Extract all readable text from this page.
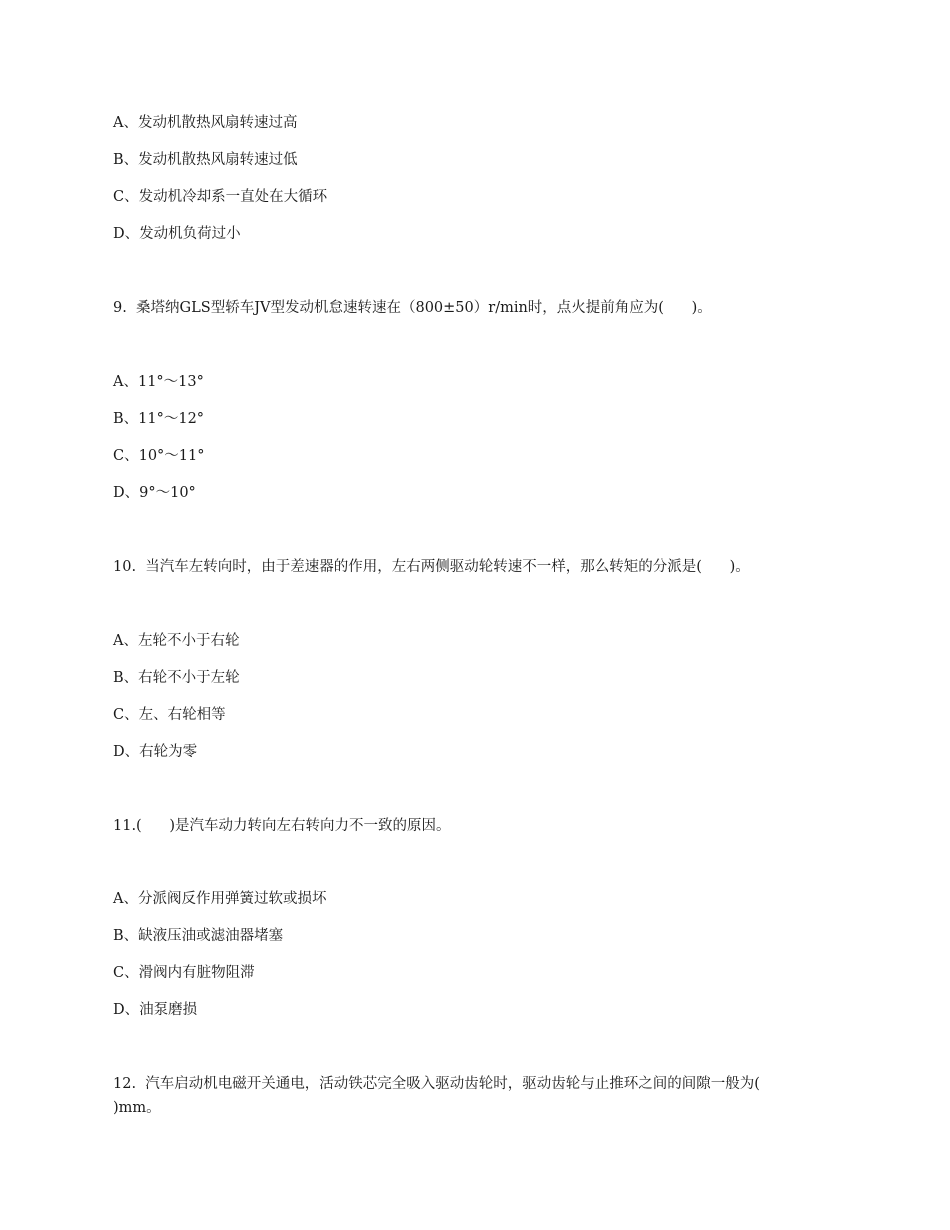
A、发动机散热风扇转速过高
B、发动机散热风扇转速过低
C、发动机冷却系一直处在大循环
D、发动机负荷过小
9.  桑塔纳GLS型轿车JV型发动机怠速转速在（800±50）r/min时，点火提前角应为(      )。
A、11°～13°
B、11°～12°
C、10°～11°
D、9°～10°
10.  当汽车左转向时，由于差速器的作用，左右两侧驱动轮转速不一样，那么转矩的分派是(      )。
A、左轮不小于右轮
B、右轮不小于左轮
C、左、右轮相等
D、右轮为零
11.(      )是汽车动力转向左右转向力不一致的原因。
A、分派阀反作用弹簧过软或损坏
B、缺液压油或滤油器堵塞
C、滑阀内有脏物阻滞
D、油泵磨损
12.  汽车启动机电磁开关通电，活动铁芯完全吸入驱动齿轮时，驱动齿轮与止推环之间的间隙一般为(
)mm。
